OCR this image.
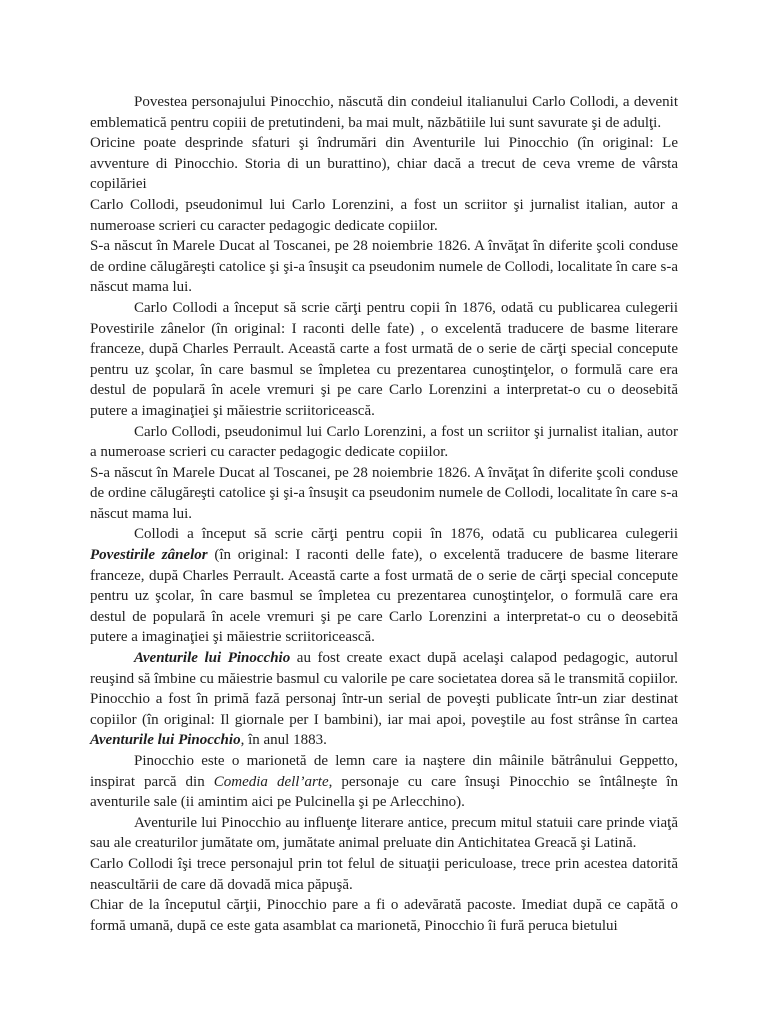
Povestea personajului Pinocchio, născută din condeiul italianului Carlo Collodi, a devenit emblematică pentru copiii de pretutindeni, ba mai mult, năzbătiile lui sunt savurate şi de adulţi.

Oricine poate desprinde sfaturi şi îndrumări din Aventurile lui Pinocchio (în original: Le avventure di Pinocchio. Storia di un burattino), chiar dacă a trecut de ceva vreme de vârsta copilăriei

Carlo Collodi, pseudonimul lui Carlo Lorenzini, a fost un scriitor şi jurnalist italian, autor a numeroase scrieri cu caracter pedagogic dedicate copiilor.

S-a născut în Marele Ducat al Toscanei, pe 28 noiembrie 1826. A învăţat în diferite şcoli conduse de ordine călugăreşti catolice şi şi-a însuşit ca pseudonim numele de Collodi, localitate în care s-a născut mama lui.

Carlo Collodi a început să scrie cărţi pentru copii în 1876, odată cu publicarea culegerii Povestirile zânelor (în original: I raconti delle fate) , o excelentă traducere de basme literare franceze, după Charles Perrault. Această carte a fost urmată de o serie de cărţi special concepute pentru uz şcolar, în care basmul se împletea cu prezentarea cunoştinţelor, o formulă care era destul de populară în acele vremuri şi pe care Carlo Lorenzini a interpretat-o cu o deosebită putere a imaginaţiei şi măiestrie scriitoricească.

Carlo Collodi, pseudonimul lui Carlo Lorenzini, a fost un scriitor şi jurnalist italian, autor a numeroase scrieri cu caracter pedagogic dedicate copiilor.

S-a născut în Marele Ducat al Toscanei, pe 28 noiembrie 1826. A învăţat în diferite şcoli conduse de ordine călugăreşti catolice şi şi-a însuşit ca pseudonim numele de Collodi, localitate în care s-a născut mama lui.

Collodi a început să scrie cărţi pentru copii în 1876, odată cu publicarea culegerii Povestirile zânelor (în original: I raconti delle fate), o excelentă traducere de basme literare franceze, după Charles Perrault. Această carte a fost urmată de o serie de cărţi special concepute pentru uz şcolar, în care basmul se împletea cu prezentarea cunoştinţelor, o formulă care era destul de populară în acele vremuri şi pe care Carlo Lorenzini a interpretat-o cu o deosebită putere a imaginaţiei şi măiestrie scriitoricească.

Aventurile lui Pinocchio au fost create exact după acelaşi calapod pedagogic, autorul reuşind să îmbine cu măiestrie basmul cu valorile pe care societatea dorea să le transmită copiilor. Pinocchio a fost în primă fază personaj într-un serial de poveşti publicate într-un ziar destinat copiilor (în original: Il giornale per I bambini), iar mai apoi, poveştile au fost strânse în cartea Aventurile lui Pinocchio, în anul 1883.

Pinocchio este o marionetă de lemn care ia naştere din mâinile bătrânului Geppetto, inspirat parcă din Comedia dell’arte, personaje cu care însuşi Pinocchio se întâlneşte în aventurile sale (ii amintim aici pe Pulcinella şi pe Arlecchino).

Aventurile lui Pinocchio au influenţe literare antice, precum mitul statuii care prinde viaţă sau ale creaturilor jumătate om, jumătate animal preluate din Antichitatea Greacă şi Latină.

Carlo Collodi îşi trece personajul prin tot felul de situaţii periculoase, trece prin acestea datorită neascultării de care dă dovadă mica păpuşă.

Chiar de la începutul cărţii, Pinocchio pare a fi o adevărată pacoste. Imediat după ce capătă o formă umană, după ce este gata asamblat ca marionetă, Pinocchio îi fură peruca bietului
